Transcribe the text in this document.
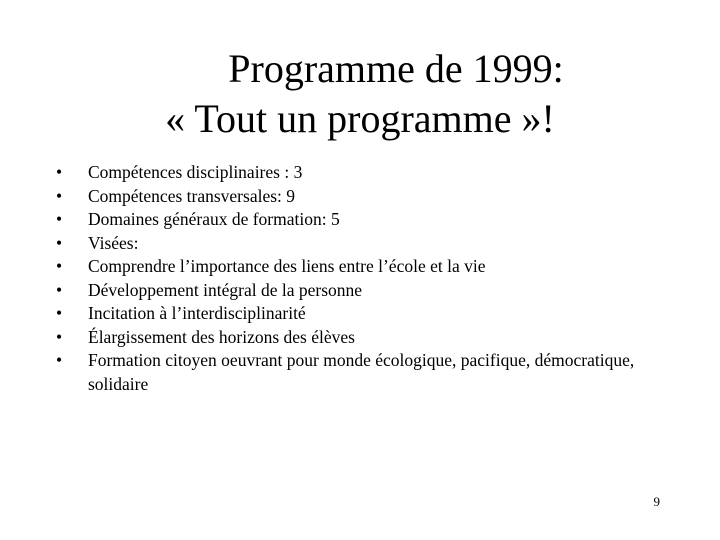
Programme de 1999:
« Tout un programme »!
•	Compétences disciplinaires : 3
•	Compétences transversales: 9
•	Domaines généraux de formation: 5
•	Visées:
•	Comprendre l’importance des liens entre l’école et la vie
•	Développement intégral de la personne
•	Incitation à l’interdisciplinarité
•	Élargissement des horizons des élèves
•	Formation citoyen oeuvrant pour monde écologique, pacifique, démocratique, solidaire
9
